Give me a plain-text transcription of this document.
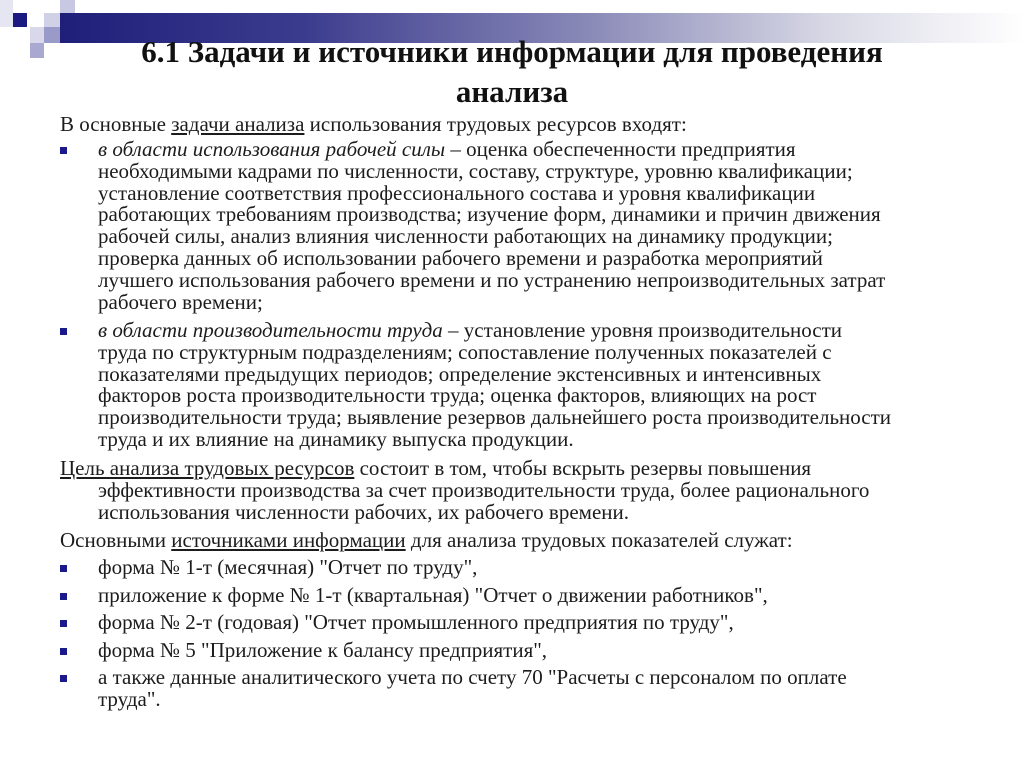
6.1 Задачи и источники информации для проведения
анализа
В основные задачи анализа использования трудовых ресурсов входят:
в области использования рабочей силы – оценка обеспеченности предприятия
необходимыми кадрами по численности, составу, структуре, уровню квалификации;
установление соответствия профессионального состава и уровня квалификации
работающих требованиям производства; изучение форм, динамики и причин движения
рабочей силы, анализ влияния численности работающих на динамику продукции;
проверка данных об использовании рабочего времени и разработка мероприятий
лучшего использования рабочего времени и по устранению непроизводительных затрат
рабочего времени;
в области производительности труда – установление уровня производительности
труда по структурным подразделениям; сопоставление полученных показателей с
показателями предыдущих периодов; определение экстенсивных и интенсивных
факторов роста производительности труда; оценка факторов, влияющих на рост
производительности труда; выявление резервов дальнейшего роста производительности
труда и их влияние на динамику выпуска продукции.
Цель анализа трудовых ресурсов состоит в том, чтобы вскрыть резервы повышения
эффективности производства за счет производительности труда, более рационального
использования численности рабочих, их рабочего времени.
Основными источниками информации для анализа трудовых показателей служат:
форма № 1-т (месячная) "Отчет по труду",
приложение к форме № 1-т (квартальная) "Отчет о движении работников",
форма № 2-т (годовая) "Отчет промышленного предприятия по труду",
форма № 5 "Приложение к балансу предприятия",
а также данные аналитического учета по счету 70 "Расчеты с персоналом по оплате
труда".
